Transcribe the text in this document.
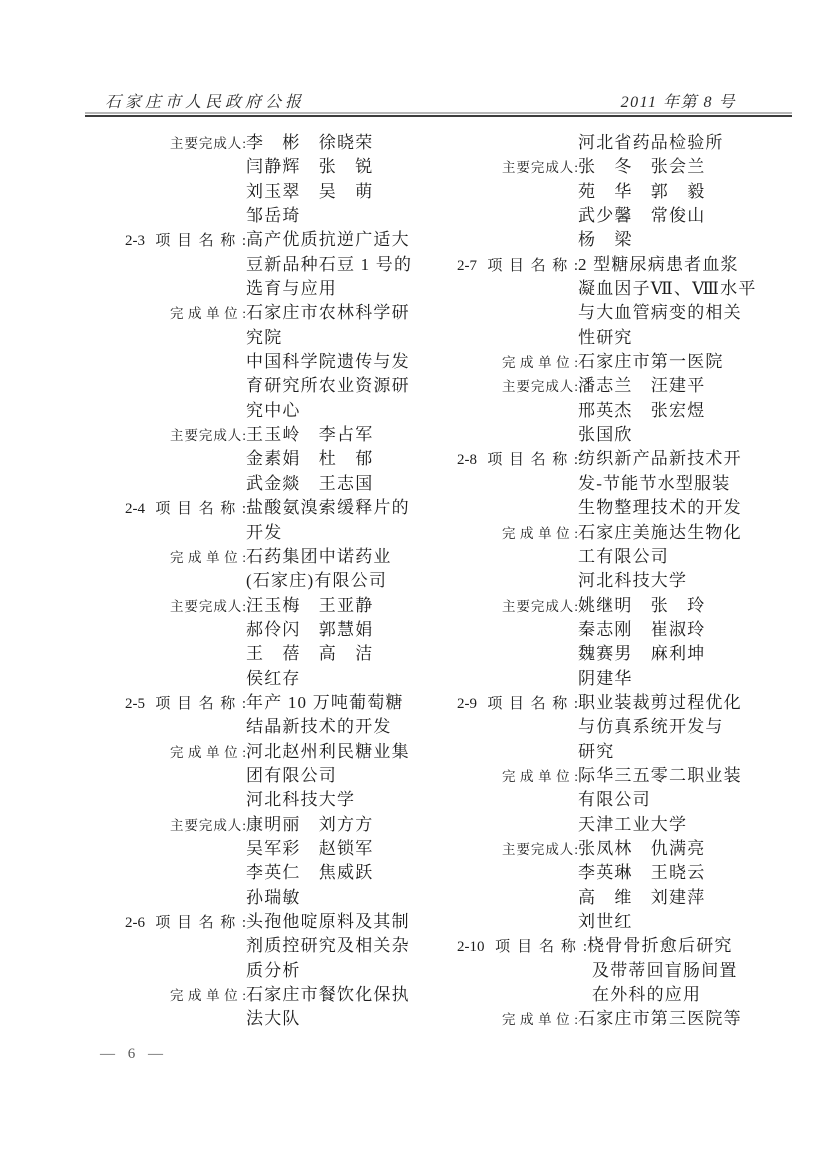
石家庄市人民政府公报	2011 年第 8 号
主要完成人:李　彬　徐晓荣
闫静辉　张　锐
刘玉翠　吴　萌
邹岳琦
2-3 项目名称:高产优质抗逆广适大
豆新品种石豆 1 号的
选育与应用
完成单位:石家庄市农林科学研
究院
中国科学院遗传与发
育研究所农业资源研
究中心
主要完成人:王玉岭　李占军
金素娟　杜　郁
武金燚　王志国
2-4 项目名称:盐酸氨溴索缓释片的
开发
完成单位:石药集团中诺药业
(石家庄)有限公司
主要完成人:汪玉梅　王亚静
郝伶闪　郭慧娟
王　蓓　高　洁
侯红存
2-5 项目名称:年产 10 万吨葡萄糖
结晶新技术的开发
完成单位:河北赵州利民糖业集
团有限公司
河北科技大学
主要完成人:康明丽　刘方方
吴军彩　赵锁军
李英仁　焦威跃
孙瑞敏
2-6 项目名称:头孢他啶原料及其制
剂质控研究及相关杂
质分析
完成单位:石家庄市餐饮化保执
法大队
河北省药品检验所
主要完成人:张　冬　张会兰
苑　华　郭　毅
武少馨　常俊山
杨　梁
2-7 项目名称:2 型糖尿病患者血浆
凝血因子Ⅶ、Ⅷ水平
与大血管病变的相关
性研究
完成单位:石家庄市第一医院
主要完成人:潘志兰　汪建平
邢英杰　张宏煜
张国欣
2-8 项目名称:纺织新产品新技术开
发-节能节水型服装
生物整理技术的开发
完成单位:石家庄美施达生物化
工有限公司
河北科技大学
主要完成人:姚继明　张　玲
秦志刚　崔淑玲
魏赛男　麻利坤
阴建华
2-9 项目名称:职业装裁剪过程优化
与仿真系统开发与
研究
完成单位:际华三五零二职业装
有限公司
天津工业大学
主要完成人:张凤林　仇满亮
李英琳　王晓云
高　维　刘建萍
刘世红
2-10 项目名称:桡骨骨折愈后研究
及带蒂回盲肠间置
在外科的应用
完成单位:石家庄市第三医院等
— 6 —
